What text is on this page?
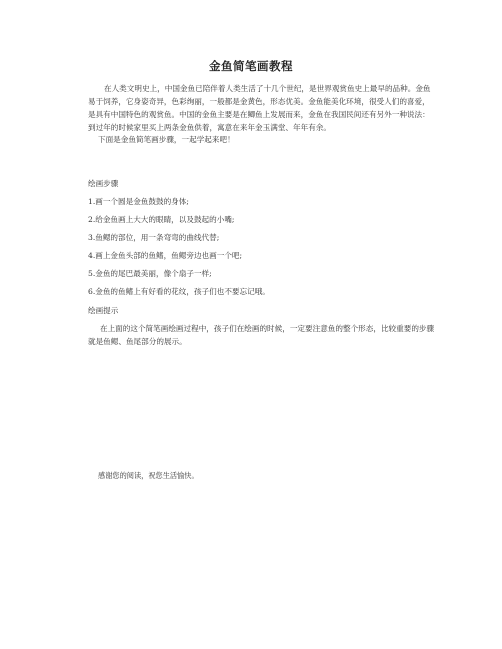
金鱼简笔画教程

在人类文明史上，中国金鱼已陪伴着人类生活了十几个世纪，是世界观赏鱼史上最早的品种。金鱼易于饲养，它身姿奇异，色彩绚丽，一般都是金黄色，形态优美。金鱼能美化环境，很受人们的喜爱，是具有中国特色的观赏鱼。中国的金鱼主要是在鲫鱼上发展而来，金鱼在我国民间还有另外一种说法：到过年的时候家里买上两条金鱼供着，寓意在来年金玉满堂、年年有余。

下面是金鱼简笔画步骤，一起学起来吧！

绘画步骤

1.画一个圆是金鱼鼓鼓的身体;

2.给金鱼画上大大的眼睛，以及鼓起的小嘴;

3.鱼鳃的部位，用一条弯弯的曲线代替;

4.画上金鱼头部的鱼鳍，鱼鳃旁边也画一个吧;

5.金鱼的尾巴最美丽，像个扇子一样;

6.金鱼的鱼鳍上有好看的花纹，孩子们也不要忘记哦。

绘画提示

在上面的这个简笔画绘画过程中，孩子们在绘画的时候，一定要注意鱼的整个形态，比较重要的步骤就是鱼鳃、鱼尾部分的展示。

感谢您的阅读，祝您生活愉快。
